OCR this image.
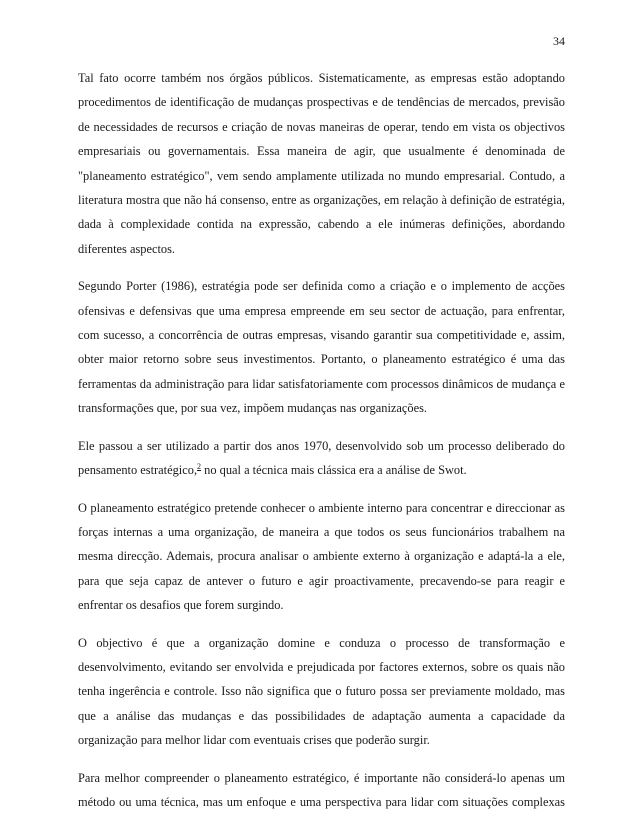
34

Tal fato ocorre também nos órgãos públicos. Sistematicamente, as empresas estão adoptando procedimentos de identificação de mudanças prospectivas e de tendências de mercados, previsão de necessidades de recursos e criação de novas maneiras de operar, tendo em vista os objectivos empresariais ou governamentais. Essa maneira de agir, que usualmente é denominada de "planeamento estratégico", vem sendo amplamente utilizada no mundo empresarial. Contudo, a literatura mostra que não há consenso, entre as organizações, em relação à definição de estratégia, dada à complexidade contida na expressão, cabendo a ele inúmeras definições, abordando diferentes aspectos.

Segundo Porter (1986), estratégia pode ser definida como a criação e o implemento de acções ofensivas e defensivas que uma empresa empreende em seu sector de actuação, para enfrentar, com sucesso, a concorrência de outras empresas, visando garantir sua competitividade e, assim, obter maior retorno sobre seus investimentos. Portanto, o planeamento estratégico é uma das ferramentas da administração para lidar satisfatoriamente com processos dinâmicos de mudança e transformações que, por sua vez, impõem mudanças nas organizações.

Ele passou a ser utilizado a partir dos anos 1970, desenvolvido sob um processo deliberado do pensamento estratégico,$^2$ no qual a técnica mais clássica era a análise de Swot.

O planeamento estratégico pretende conhecer o ambiente interno para concentrar e direccionar as forças internas a uma organização, de maneira a que todos os seus funcionários trabalhem na mesma direcção. Ademais, procura analisar o ambiente externo à organização e adaptá-la a ele, para que seja capaz de antever o futuro e agir proactivamente, precavendo-se para reagir e enfrentar os desafios que forem surgindo.

O objectivo é que a organização domine e conduza o processo de transformação e desenvolvimento, evitando ser envolvida e prejudicada por factores externos, sobre os quais não tenha ingerência e controle. Isso não significa que o futuro possa ser previamente moldado, mas que a análise das mudanças e das possibilidades de adaptação aumenta a capacidade da organização para melhor lidar com eventuais crises que poderão surgir.

Para melhor compreender o planeamento estratégico, é importante não considerá-lo apenas um método ou uma técnica, mas um enfoque e uma perspectiva para lidar com situações complexas
